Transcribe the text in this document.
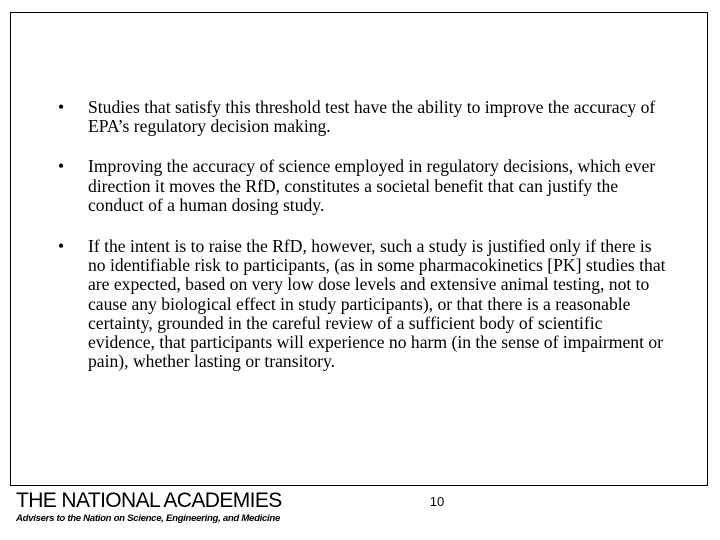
• Studies that satisfy this threshold test have the ability to improve the accuracy of EPA’s regulatory decision making.
• Improving the accuracy of science employed in regulatory decisions, which ever direction it moves the RfD, constitutes a societal benefit that can justify the conduct of a human dosing study.
• If the intent is to raise the RfD, however, such a study is justified only if there is no identifiable risk to participants, (as in some pharmacokinetics [PK] studies that are expected, based on very low dose levels and extensive animal testing, not to cause any biological effect in study participants), or that there is a reasonable certainty, grounded in the careful review of a sufficient body of scientific evidence, that participants will experience no harm (in the sense of impairment or pain), whether lasting or transitory.
10
THE NATIONAL ACADEMIES
Advisers to the Nation on Science, Engineering, and Medicine
